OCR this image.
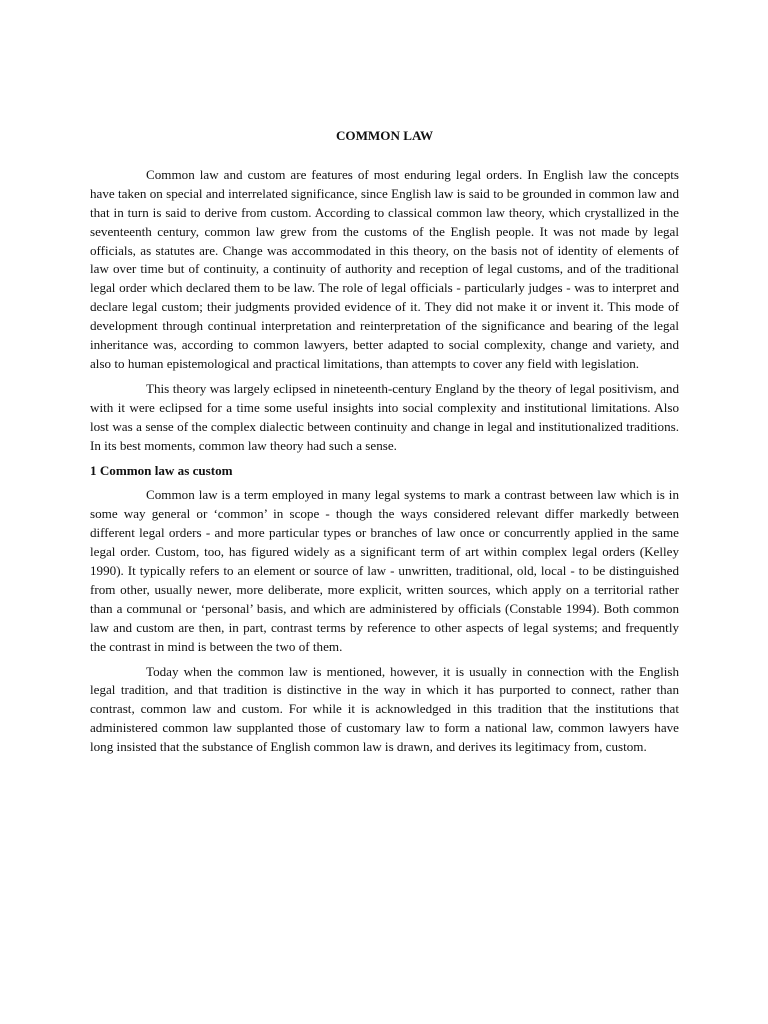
COMMON LAW

Common law and custom are features of most enduring legal orders. In English law the concepts have taken on special and interrelated significance, since English law is said to be grounded in common law and that in turn is said to derive from custom. According to classical common law theory, which crystallized in the seventeenth century, common law grew from the customs of the English people. It was not made by legal officials, as statutes are. Change was accommodated in this theory, on the basis not of identity of elements of law over time but of continuity, a continuity of authority and reception of legal customs, and of the traditional legal order which declared them to be law. The role of legal officials - particularly judges - was to interpret and declare legal custom; their judgments provided evidence of it. They did not make it or invent it. This mode of development through continual interpretation and reinterpretation of the significance and bearing of the legal inheritance was, according to common lawyers, better adapted to social complexity, change and variety, and also to human epistemological and practical limitations, than attempts to cover any field with legislation.

This theory was largely eclipsed in nineteenth-century England by the theory of legal positivism, and with it were eclipsed for a time some useful insights into social complexity and institutional limitations. Also lost was a sense of the complex dialectic between continuity and change in legal and institutionalized traditions. In its best moments, common law theory had such a sense.

1 Common law as custom

Common law is a term employed in many legal systems to mark a contrast between law which is in some way general or ‘common’ in scope - though the ways considered relevant differ markedly between different legal orders - and more particular types or branches of law once or concurrently applied in the same legal order. Custom, too, has figured widely as a significant term of art within complex legal orders (Kelley 1990). It typically refers to an element or source of law - unwritten, traditional, old, local - to be distinguished from other, usually newer, more deliberate, more explicit, written sources, which apply on a territorial rather than a communal or ‘personal’ basis, and which are administered by officials (Constable 1994). Both common law and custom are then, in part, contrast terms by reference to other aspects of legal systems; and frequently the contrast in mind is between the two of them.

Today when the common law is mentioned, however, it is usually in connection with the English legal tradition, and that tradition is distinctive in the way in which it has purported to connect, rather than contrast, common law and custom. For while it is acknowledged in this tradition that the institutions that administered common law supplanted those of customary law to form a national law, common lawyers have long insisted that the substance of English common law is drawn, and derives its legitimacy from, custom.
